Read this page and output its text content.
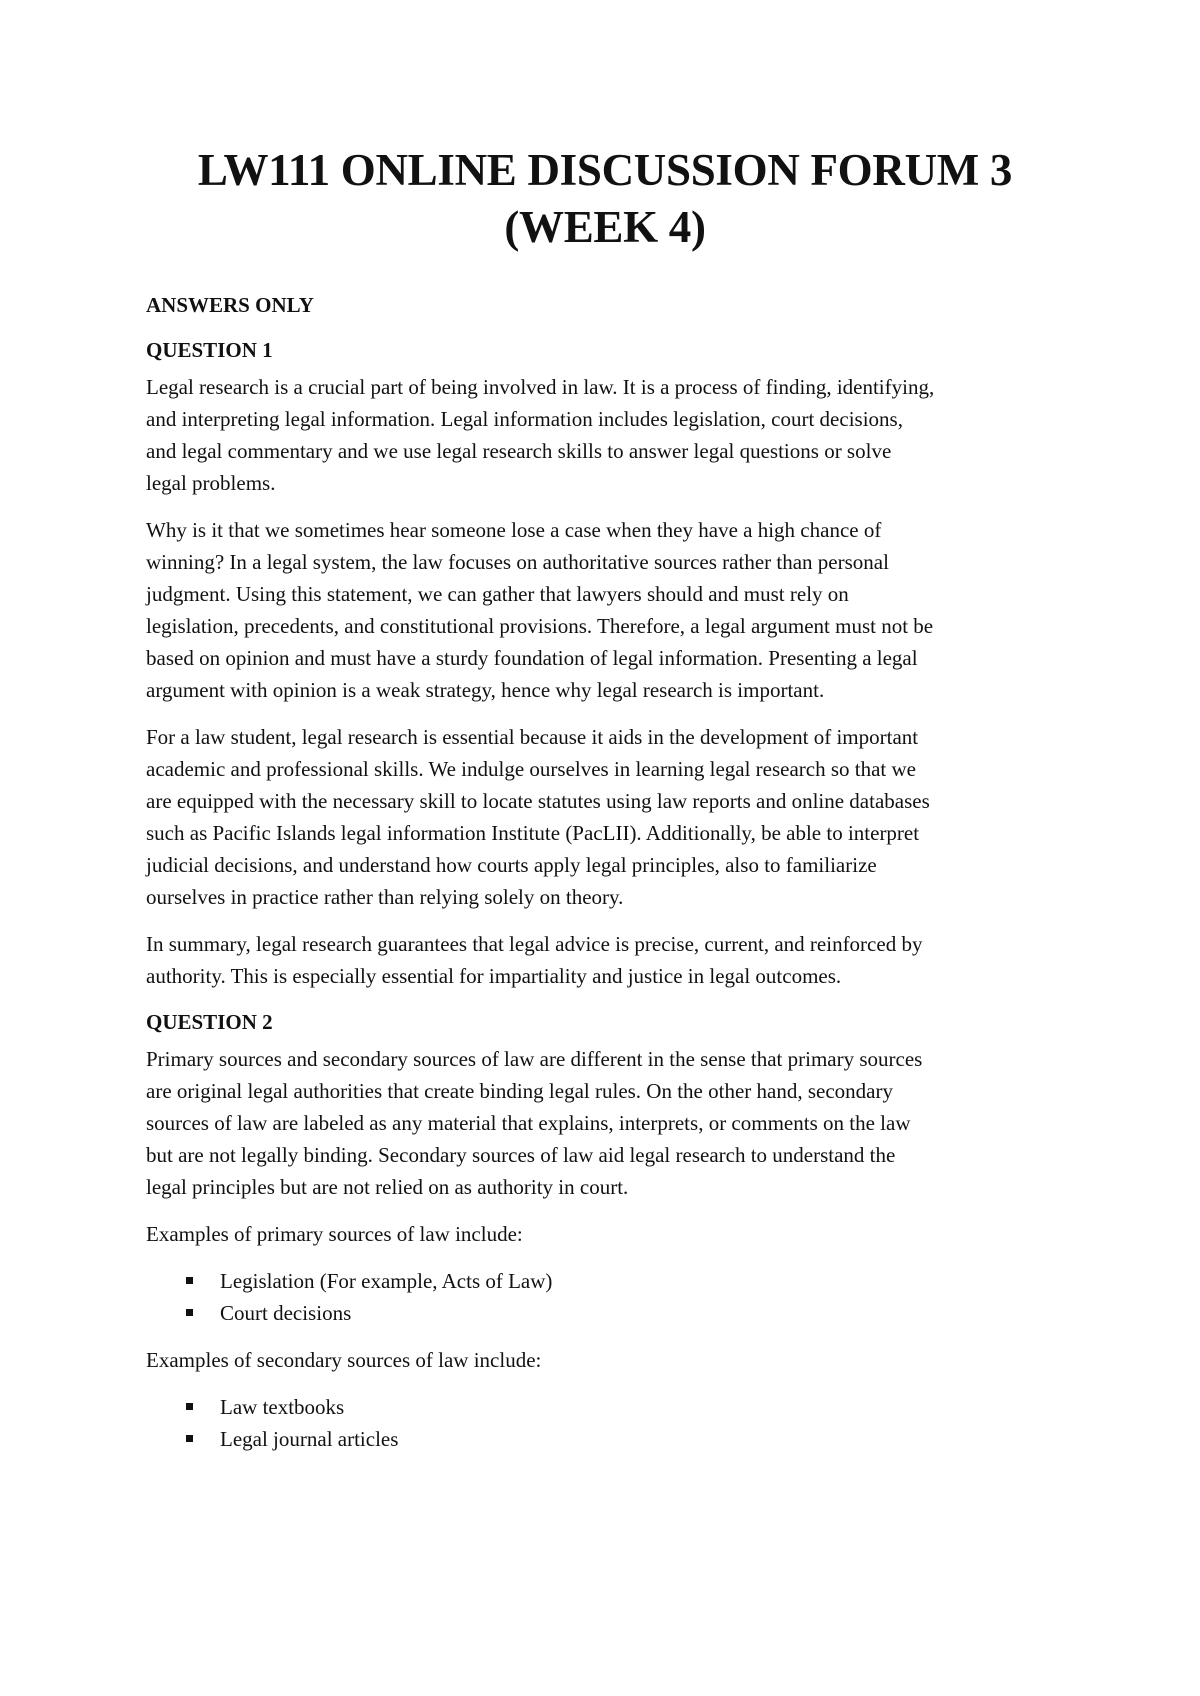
LW111 ONLINE DISCUSSION FORUM 3
(WEEK 4)
ANSWERS ONLY
QUESTION 1

Legal research is a crucial part of being involved in law. It is a process of finding, identifying,
and interpreting legal information. Legal information includes legislation, court decisions,
and legal commentary and we use legal research skills to answer legal questions or solve
legal problems.

Why is it that we sometimes hear someone lose a case when they have a high chance of
winning? In a legal system, the law focuses on authoritative sources rather than personal
judgment. Using this statement, we can gather that lawyers should and must rely on
legislation, precedents, and constitutional provisions. Therefore, a legal argument must not be
based on opinion and must have a sturdy foundation of legal information. Presenting a legal
argument with opinion is a weak strategy, hence why legal research is important.

For a law student, legal research is essential because it aids in the development of important
academic and professional skills. We indulge ourselves in learning legal research so that we
are equipped with the necessary skill to locate statutes using law reports and online databases
such as Pacific Islands legal information Institute (PacLII). Additionally, be able to interpret
judicial decisions, and understand how courts apply legal principles, also to familiarize
ourselves in practice rather than relying solely on theory.

In summary, legal research guarantees that legal advice is precise, current, and reinforced by
authority. This is especially essential for impartiality and justice in legal outcomes.

QUESTION 2

Primary sources and secondary sources of law are different in the sense that primary sources
are original legal authorities that create binding legal rules. On the other hand, secondary
sources of law are labeled as any material that explains, interprets, or comments on the law
but are not legally binding. Secondary sources of law aid legal research to understand the
legal principles but are not relied on as authority in court.

Examples of primary sources of law include:

Legislation (For example, Acts of Law)
Court decisions

Examples of secondary sources of law include:

Law textbooks
Legal journal articles
